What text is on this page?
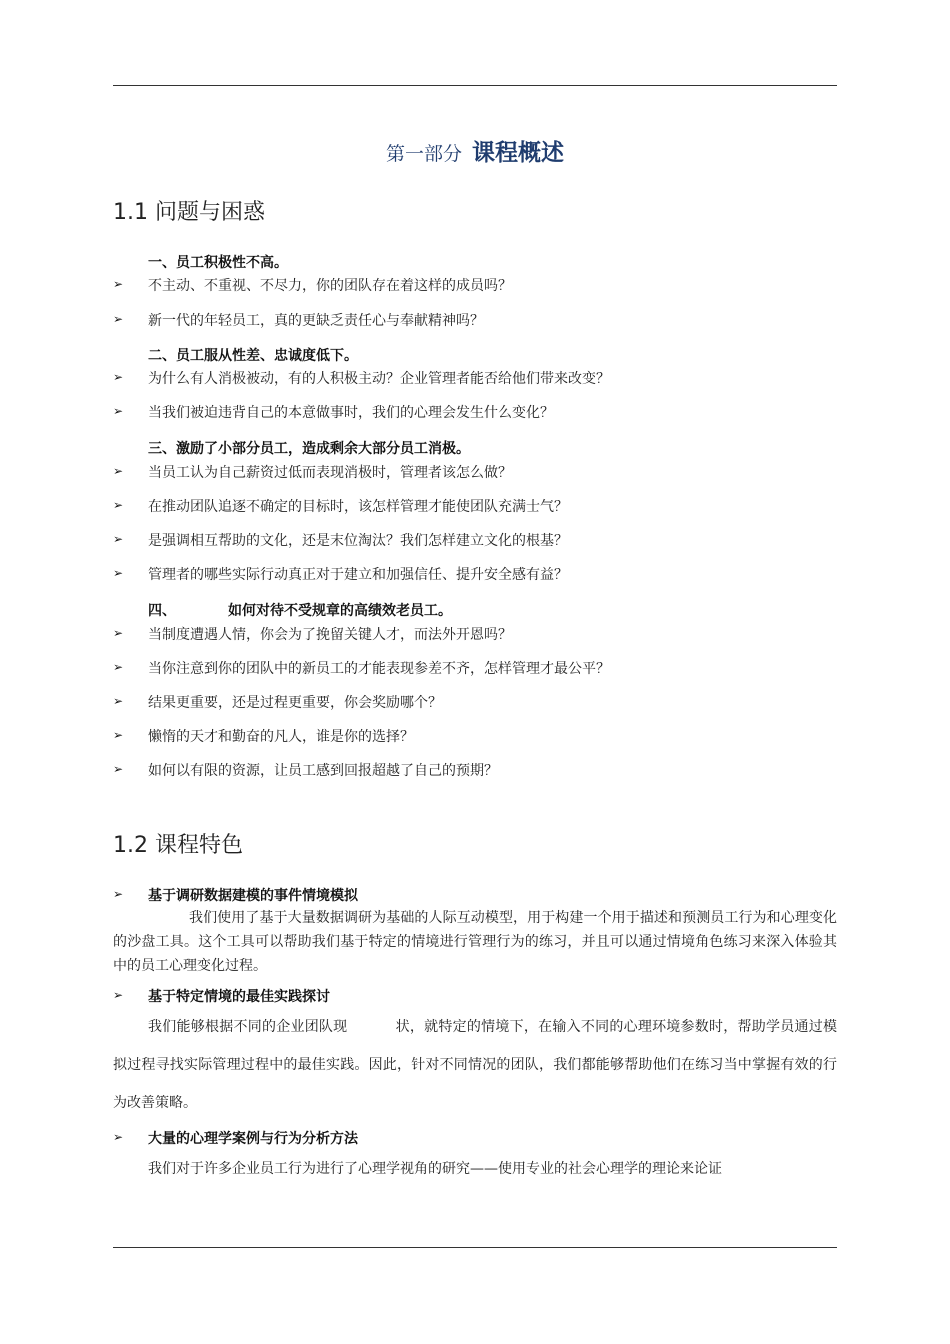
第一部分 课程概述
1.1 问题与困惑
一、员工积极性不高。
➢ 不主动、不重视、不尽力，你的团队存在着这样的成员吗？
➢ 新一代的年轻员工，真的更缺乏责任心与奉献精神吗？
二、员工服从性差、忠诚度低下。
➢ 为什么有人消极被动，有的人积极主动？企业管理者能否给他们带来改变？
➢ 当我们被迫违背自己的本意做事时，我们的心理会发生什么变化？
三、激励了小部分员工，造成剩余大部分员工消极。
➢ 当员工认为自己薪资过低而表现消极时，管理者该怎么做？
➢ 在推动团队追逐不确定的目标时，该怎样管理才能使团队充满士气？
➢ 是强调相互帮助的文化，还是末位淘汰？我们怎样建立文化的根基？
➢ 管理者的哪些实际行动真正对于建立和加强信任、提升安全感有益？
四、	如何对待不受规章的高绩效老员工。
➢ 当制度遭遇人情，你会为了挽留关键人才，而法外开恩吗？
➢ 当你注意到你的团队中的新员工的才能表现参差不齐，怎样管理才最公平？
➢ 结果更重要，还是过程更重要，你会奖励哪个？
➢ 懒惰的天才和勤奋的凡人，谁是你的选择？
➢ 如何以有限的资源，让员工感到回报超越了自己的预期？
1.2 课程特色
➢ 基于调研数据建模的事件情境模拟
我们使用了基于大量数据调研为基础的人际互动模型，用于构建一个用于描述和预测员工行为和心理变化的沙盘工具。这个工具可以帮助我们基于特定的情境进行管理行为的练习，并且可以通过情境角色练习来深入体验其中的员工心理变化过程。
➢ 基于特定情境的最佳实践探讨
我们能够根据不同的企业团队现	状，就特定的情境下，在输入不同的心理环境参数时，帮助学员通过模拟过程寻找实际管理过程中的最佳实践。因此，针对不同情况的团队，我们都能够帮助他们在练习当中掌握有效的行为改善策略。
➢ 大量的心理学案例与行为分析方法
我们对于许多企业员工行为进行了心理学视角的研究——使用专业的社会心理学的理论来论证
